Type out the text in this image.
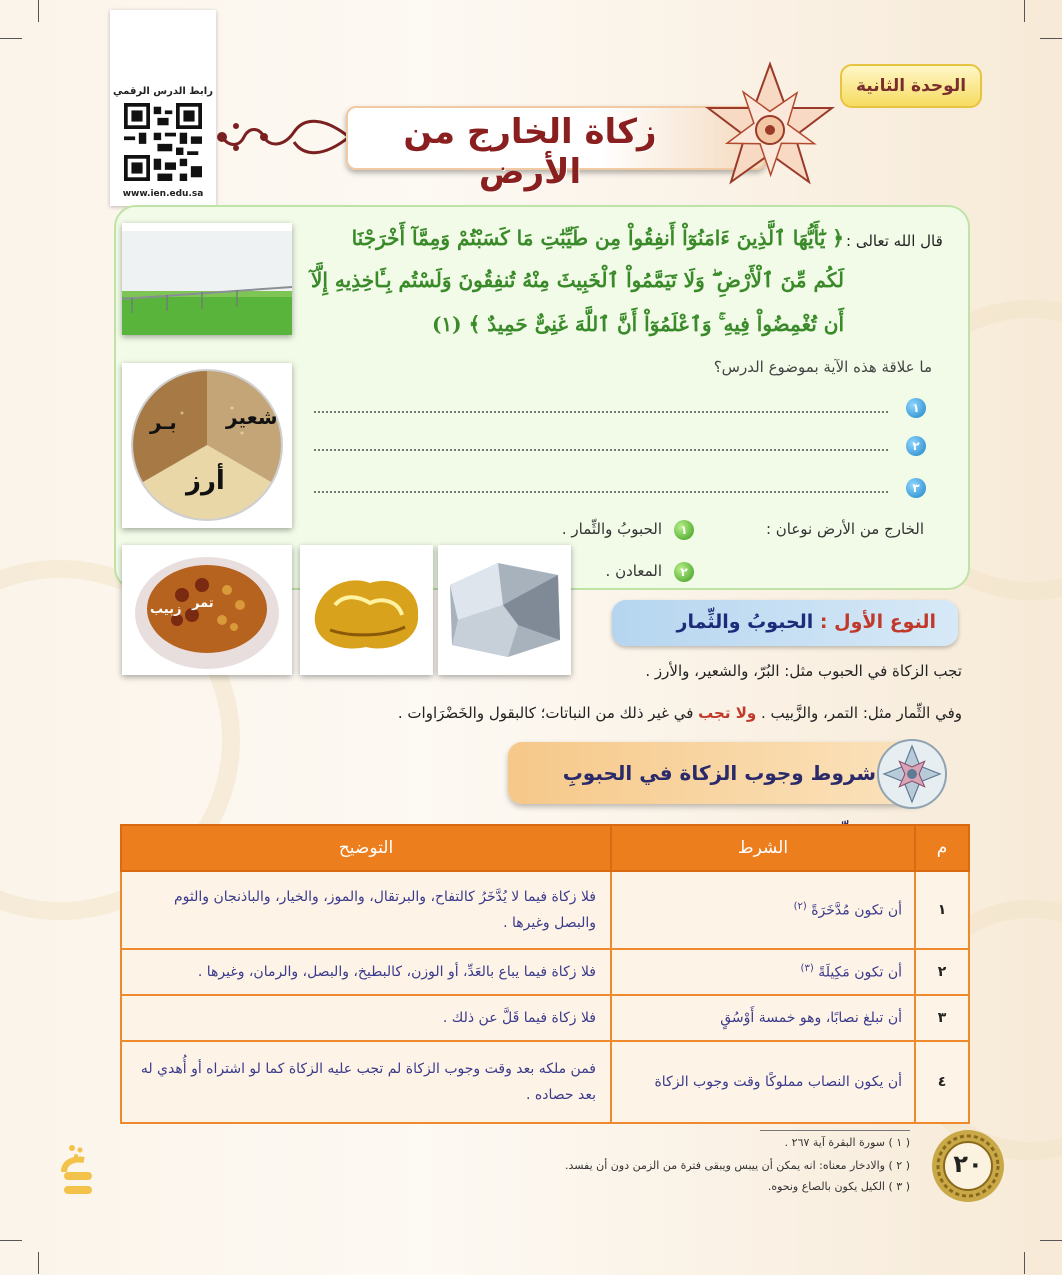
رابط الدرس الرقمي
www.ien.edu.sa
الوحدة الثانية
زكاة الخارج من الأرض
شعير
بـر
أرز
تمر
زبيب
قال الله تعالى :
﴿ يَٰٓأَيُّهَا ٱلَّذِينَ ءَامَنُوٓاْ أَنفِقُواْ مِن طَيِّبَٰتِ مَا كَسَبْتُمْ وَمِمَّآ أَخْرَجْنَا
لَكُم مِّنَ ٱلْأَرْضِ ۖ وَلَا تَيَمَّمُواْ ٱلْخَبِيثَ مِنْهُ تُنفِقُونَ وَلَسْتُم بِـَٔاخِذِيهِ إِلَّآ
أَن تُغْمِضُواْ فِيهِ ۚ وَٱعْلَمُوٓاْ أَنَّ ٱللَّهَ غَنِىٌّ حَمِيدٌ ﴾ (١)
ما علاقة هذه الآية بموضوع الدرس؟
١
٢
٣
الخارج من الأرض نوعان :
١
الحبوبُ والثِّمار .
٢
المعادن .
النوع الأول : الحبوبُ والثِّمار
تجب الزكاة في الحبوب مثل: البُرّ، والشعير، والأرز .
وفي الثِّمار مثل: التمر، والزَّبيب . ولا تجب في غير ذلك من النباتات؛ كالبقول والخَضْرَاوات .
شروط وجوب الزكاة في الحبوبِ
م	الشرط	التوضيح
١	أن تكون مُدَّخَرَةً $^{(٢)}$	فلا زكاة فيما لا يُدَّخَرُ كالتفاح، والبرتقال، والموز، والخيار، والباذنجان والثوم والبصل وغيرها .
٢	أن تكون مَكِيلَةً $^{(٣)}$	فلا زكاة فيما يباع بالعَدِّ، أو الوزن، كالبطيخ، والبصل، والرمان، وغيرها .
٣	أن تبلغ نصابًا، وهو خمسة أَوْسُقٍ	فلا زكاة فيما قَلَّ عن ذلك .
٤	أن يكون النصاب مملوكًا وقت وجوب الزكاة	فمن ملكه بعد وقت وجوب الزكاة لم تجب عليه الزكاة كما لو اشتراه أو أُهدي له بعد حصاده .
( ١ ) سورة البقرة آية ٢٦٧ .
( ٢ ) والادخار معناه: انه يمكن أن ييبس ويبقى فترة من الزمن دون أن يفسد.
( ٣ ) الكيل يكون بالصاع ونحوه.
٢٠
